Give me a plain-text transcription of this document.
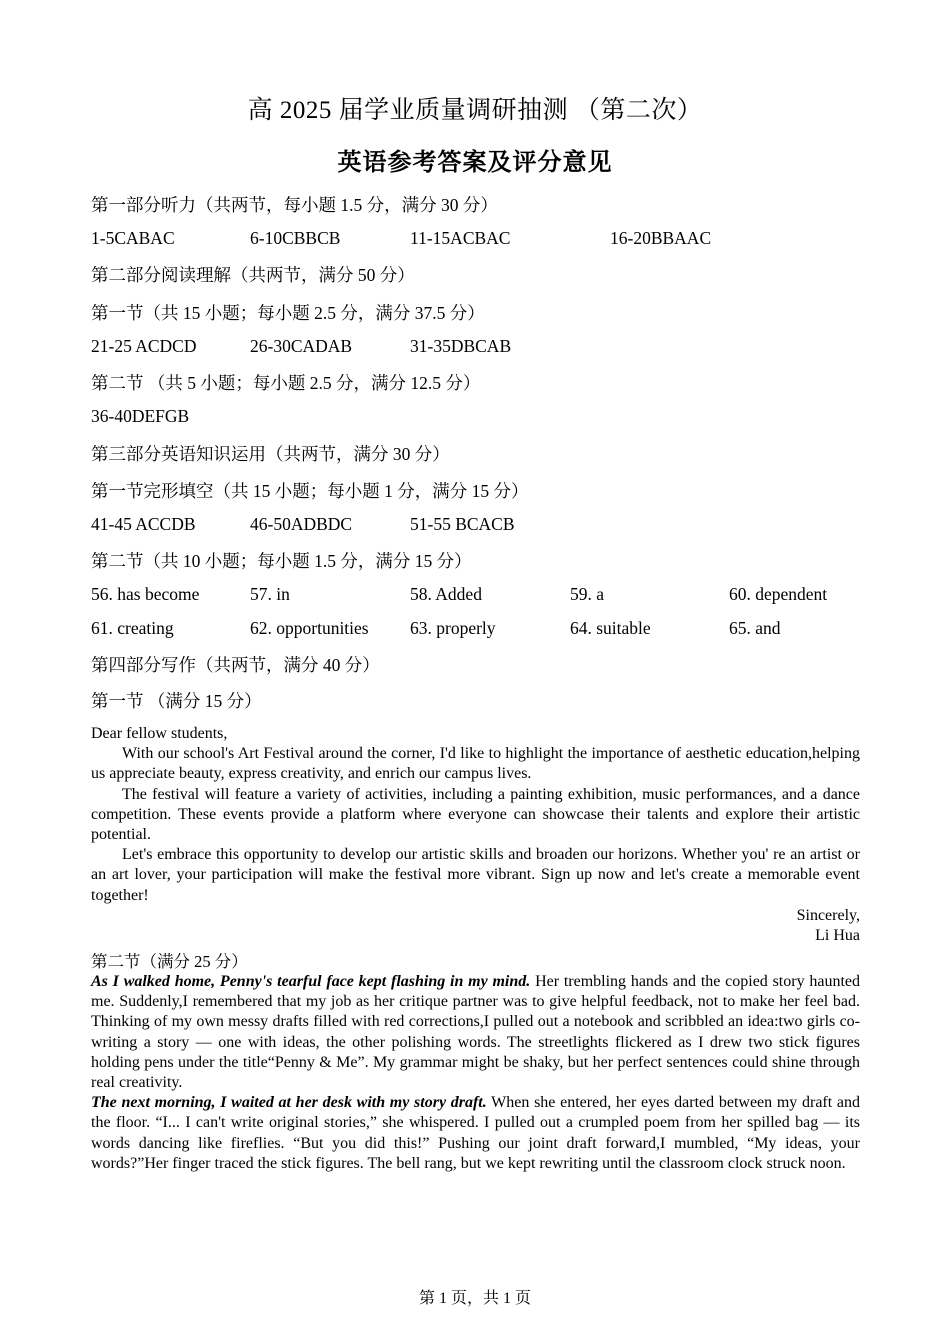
高 2025 届学业质量调研抽测 （第二次）
英语参考答案及评分意见
第一部分听力（共两节，每小题 1.5 分，满分 30 分）
1-5CABAC	6-10CBBCB	11-15ACBAC	16-20BBAAC
第二部分阅读理解（共两节，满分 50 分）
第一节（共 15 小题；每小题 2.5 分，满分 37.5 分）
21-25 ACDCD	26-30CADAB	31-35DBCAB
第二节 （共 5 小题；每小题 2.5 分，满分 12.5 分）
36-40DEFGB
第三部分英语知识运用（共两节，满分 30 分）
第一节完形填空（共 15 小题；每小题 1 分，满分 15 分）
41-45 ACCDB	46-50ADBDC	51-55 BCACB
第二节（共 10 小题；每小题 1.5 分，满分 15 分）
56. has become	57. in	58. Added	59. a	60. dependent
61. creating	62. opportunities 63. properly	64. suitable	65. and
第四部分写作（共两节，满分 40 分）
第一节 （满分 15 分）

Dear fellow students,

With our school's Art Festival around the corner, I'd like to highlight the importance of aesthetic education,helping us appreciate beauty, express creativity, and enrich our campus lives.

The festival will feature a variety of activities, including a painting exhibition, music performances, and a dance competition. These events provide a platform where everyone can showcase their talents and explore their artistic potential.

Let's embrace this opportunity to develop our artistic skills and broaden our horizons. Whether you' re an artist or an art lover, your participation will make the festival more vibrant. Sign up now and let's create a memorable event together!

Sincerely,

Li Hua

第二节（满分 25 分）

As I walked home, Penny's tearful face kept flashing in my mind. Her trembling hands and the copied story haunted me. Suddenly,I remembered that my job as her critique partner was to give helpful feedback, not to make her feel bad. Thinking of my own messy drafts filled with red corrections,I pulled out a notebook and scribbled an idea:two girls co-writing a story — one with ideas, the other polishing words. The streetlights flickered as I drew two stick figures holding pens under the title“Penny & Me”. My grammar might be shaky, but her perfect sentences could shine through real creativity.

The next morning, I waited at her desk with my story draft. When she entered, her eyes darted between my draft and the floor. “I... I can't write original stories,” she whispered. I pulled out a crumpled poem from her spilled bag — its words dancing like fireflies. “But you did this!” Pushing our joint draft forward,I mumbled, “My ideas, your words?”Her finger traced the stick figures. The bell rang, but we kept rewriting until the classroom clock struck noon.

第 1 页，共 1 页
